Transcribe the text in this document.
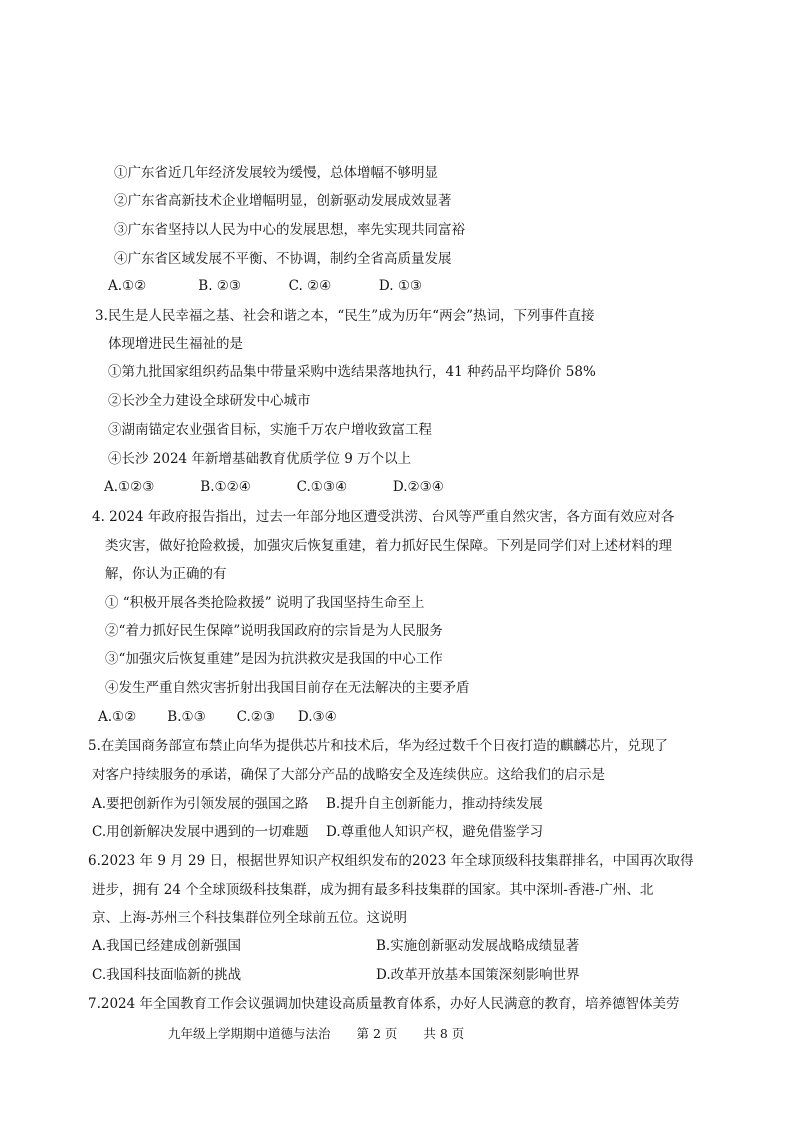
①广东省近几年经济发展较为缓慢，总体增幅不够明显
②广东省高新技术企业增幅明显，创新驱动发展成效显著
③广东省坚持以人民为中心的发展思想，率先实现共同富裕
④广东省区域发展不平衡、不协调，制约全省高质量发展
A.①②	B. ②③	C. ②④	D. ①③
3.民生是人民幸福之基、社会和谐之本，“民生”成为历年“两会”热词，下列事件直接
体现增进民生福祉的是
①第九批国家组织药品集中带量采购中选结果落地执行，41 种药品平均降价 58%
②长沙全力建设全球研发中心城市
③湖南锚定农业强省目标，实施千万农户增收致富工程
④长沙 2024 年新增基础教育优质学位 9 万个以上
A.①②③	B.①②④	C.①③④	D.②③④
4. 2024 年政府报告指出，过去一年部分地区遭受洪涝、台风等严重自然灾害，各方面有效应对各
类灾害，做好抢险救援，加强灾后恢复重建，着力抓好民生保障。下列是同学们对上述材料的理
解，你认为正确的有
① “积极开展各类抢险救援” 说明了我国坚持生命至上
②“着力抓好民生保障”说明我国政府的宗旨是为人民服务
③“加强灾后恢复重建”是因为抗洪救灾是我国的中心工作
④发生严重自然灾害折射出我国目前存在无法解决的主要矛盾
A.①② B.①③ C.②③ D.③④
5.在美国商务部宣布禁止向华为提供芯片和技术后，华为经过数千个日夜打造的麒麟芯片，兑现了
对客户持续服务的承诺，确保了大部分产品的战略安全及连续供应。这给我们的启示是
A.要把创新作为引领发展的强国之路 B.提升自主创新能力，推动持续发展
C.用创新解决发展中遇到的一切难题 D.尊重他人知识产权，避免借鉴学习
6.2023 年 9 月 29 日，根据世界知识产权组织发布的2023 年全球顶级科技集群排名，中国再次取得
进步，拥有 24 个全球顶级科技集群，成为拥有最多科技集群的国家。其中深圳-香港-广州、北
京、上海-苏州三个科技集群位列全球前五位。这说明
A.我国已经建成创新强国	B.实施创新驱动发展战略成绩显著
C.我国科技面临新的挑战	D.改革开放基本国策深刻影响世界
7.2024 年全国教育工作会议强调加快建设高质量教育体系，办好人民满意的教育，培养德智体美劳
九年级上学期期中道德与法治 第 2 页 共 8 页
